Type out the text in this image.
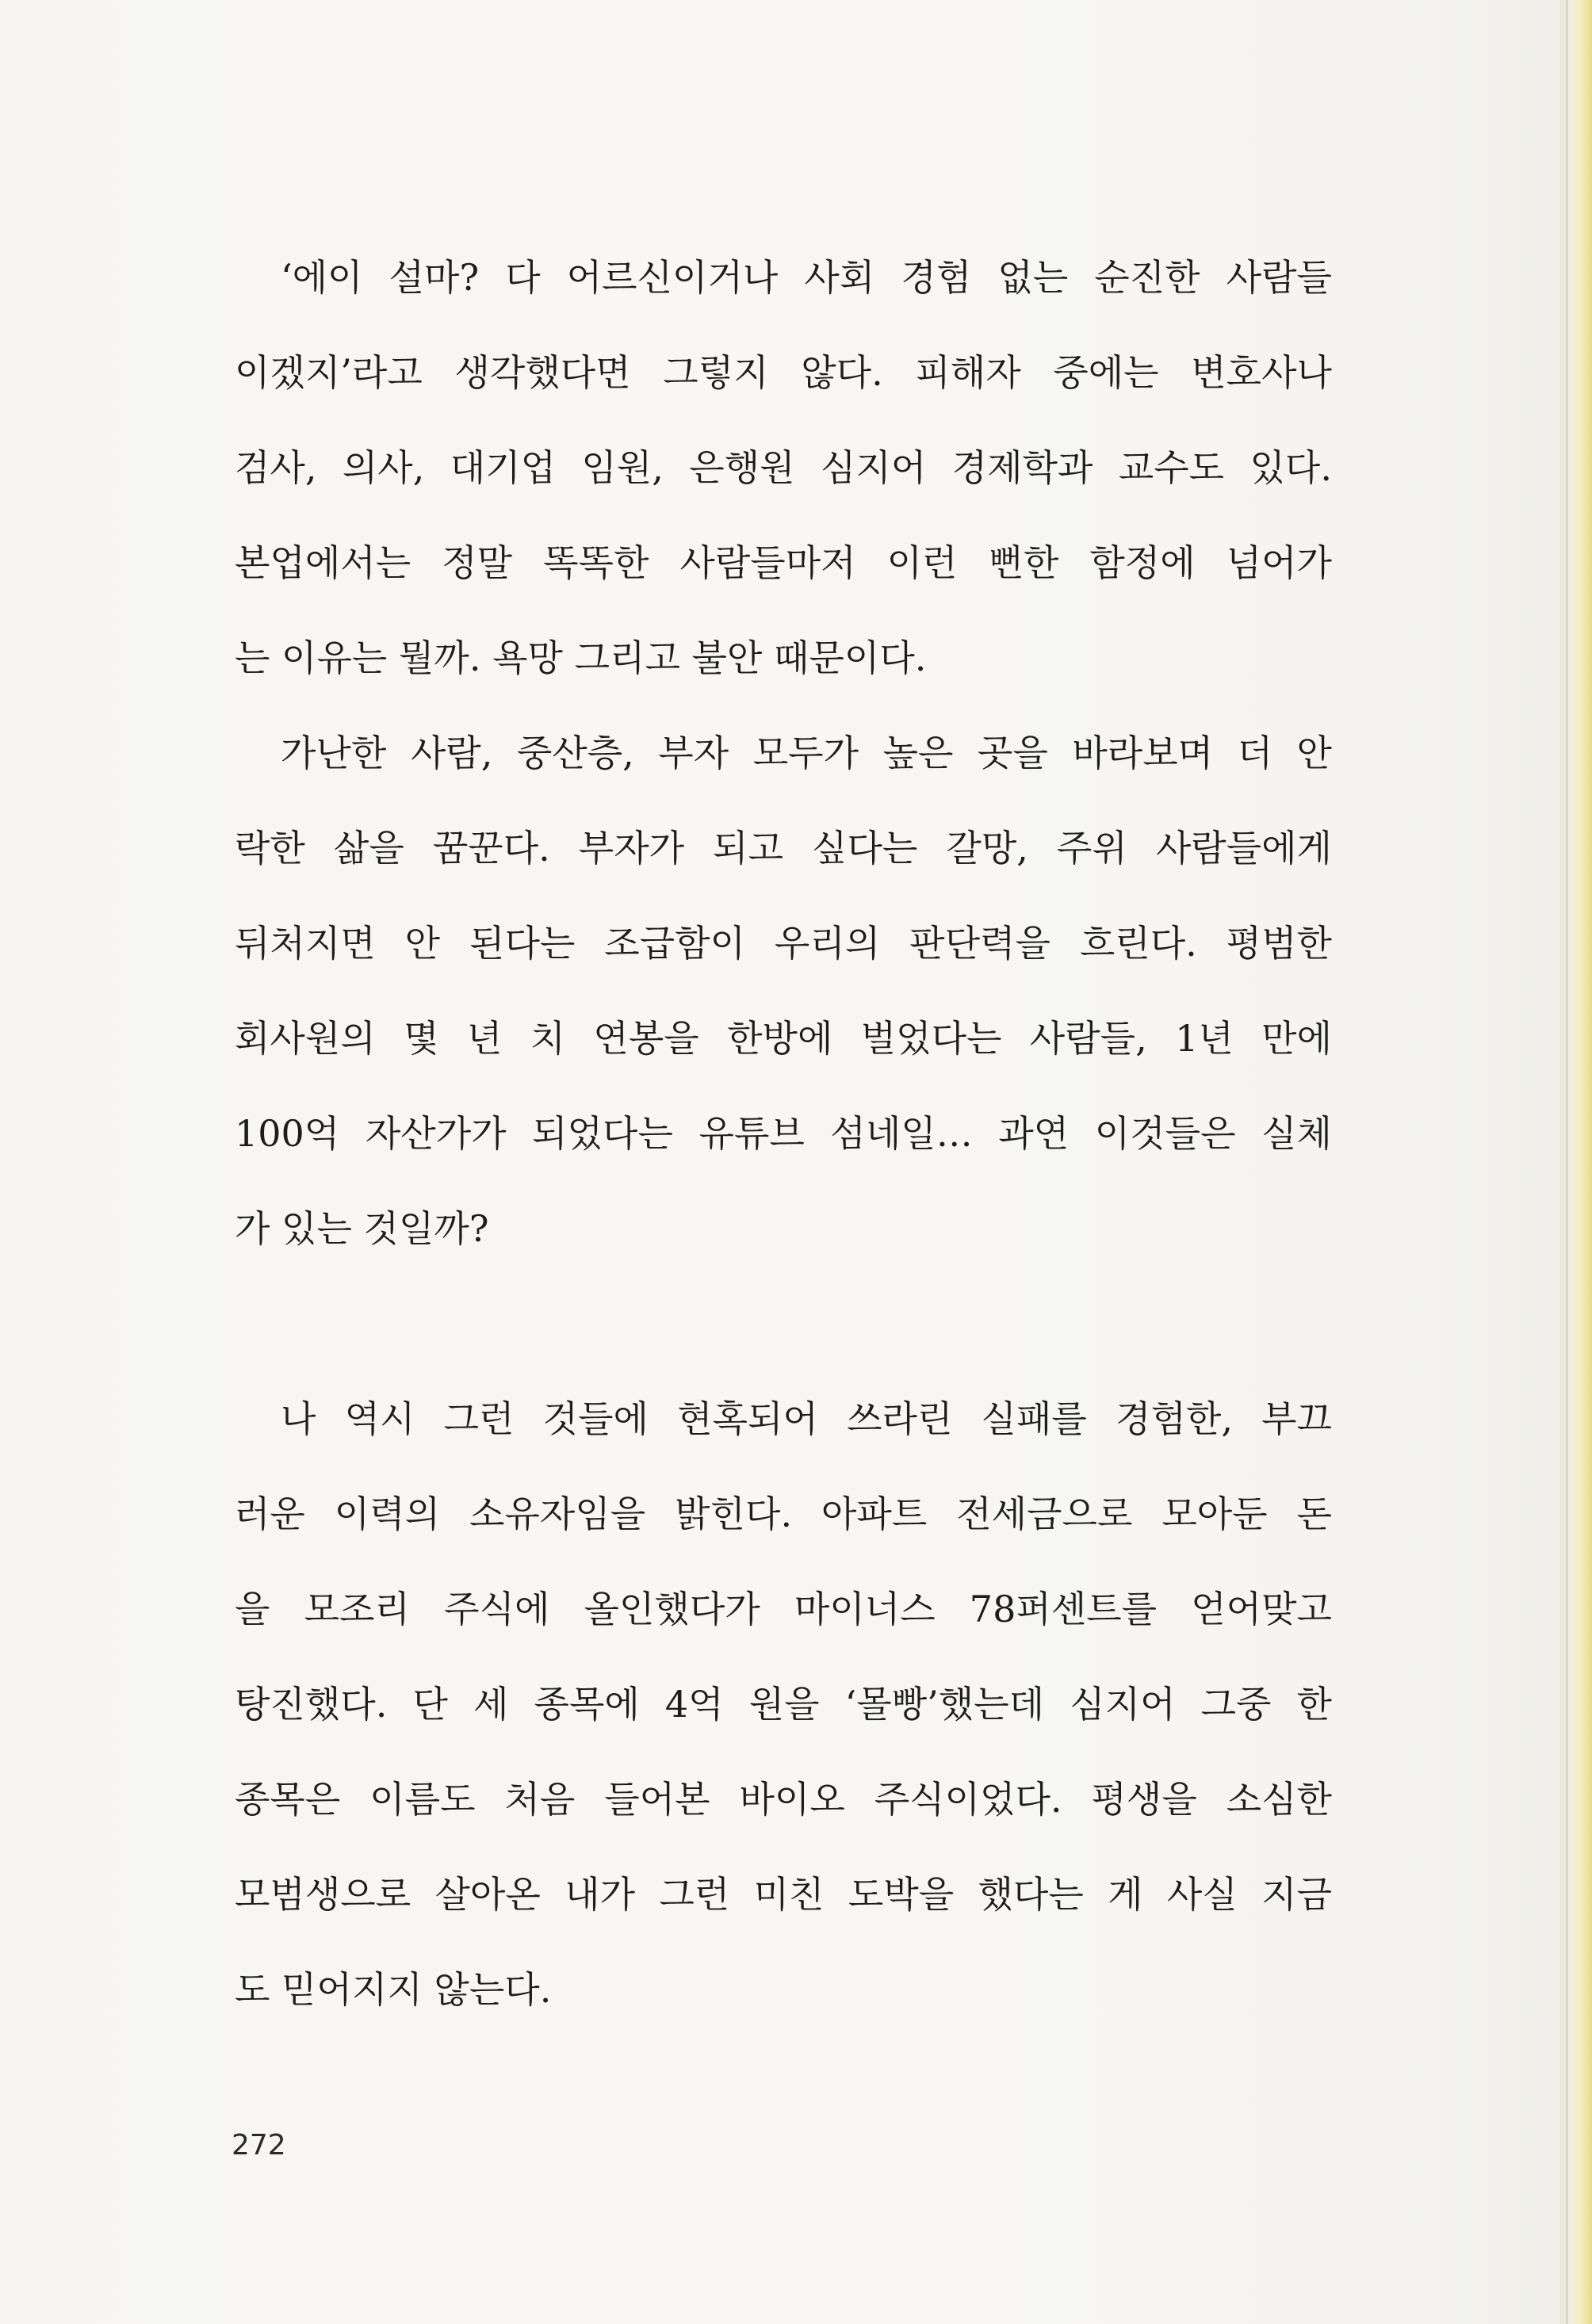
‘에이 설마? 다 어르신이거나 사회 경험 없는 순진한 사람들
이겠지’라고 생각했다면 그렇지 않다. 피해자 중에는 변호사나
검사, 의사, 대기업 임원, 은행원 심지어 경제학과 교수도 있다.
본업에서는 정말 똑똑한 사람들마저 이런 뻔한 함정에 넘어가
는 이유는 뭘까. 욕망 그리고 불안 때문이다.
가난한 사람, 중산층, 부자 모두가 높은 곳을 바라보며 더 안
락한 삶을 꿈꾼다. 부자가 되고 싶다는 갈망, 주위 사람들에게
뒤처지면 안 된다는 조급함이 우리의 판단력을 흐린다. 평범한
회사원의 몇 년 치 연봉을 한방에 벌었다는 사람들, 1년 만에
100억 자산가가 되었다는 유튜브 섬네일… 과연 이것들은 실체
가 있는 것일까?
나 역시 그런 것들에 현혹되어 쓰라린 실패를 경험한, 부끄
러운 이력의 소유자임을 밝힌다. 아파트 전세금으로 모아둔 돈
을 모조리 주식에 올인했다가 마이너스 78퍼센트를 얻어맞고
탕진했다. 단 세 종목에 4억 원을 ‘몰빵’했는데 심지어 그중 한
종목은 이름도 처음 들어본 바이오 주식이었다. 평생을 소심한
모범생으로 살아온 내가 그런 미친 도박을 했다는 게 사실 지금
도 믿어지지 않는다.
272
